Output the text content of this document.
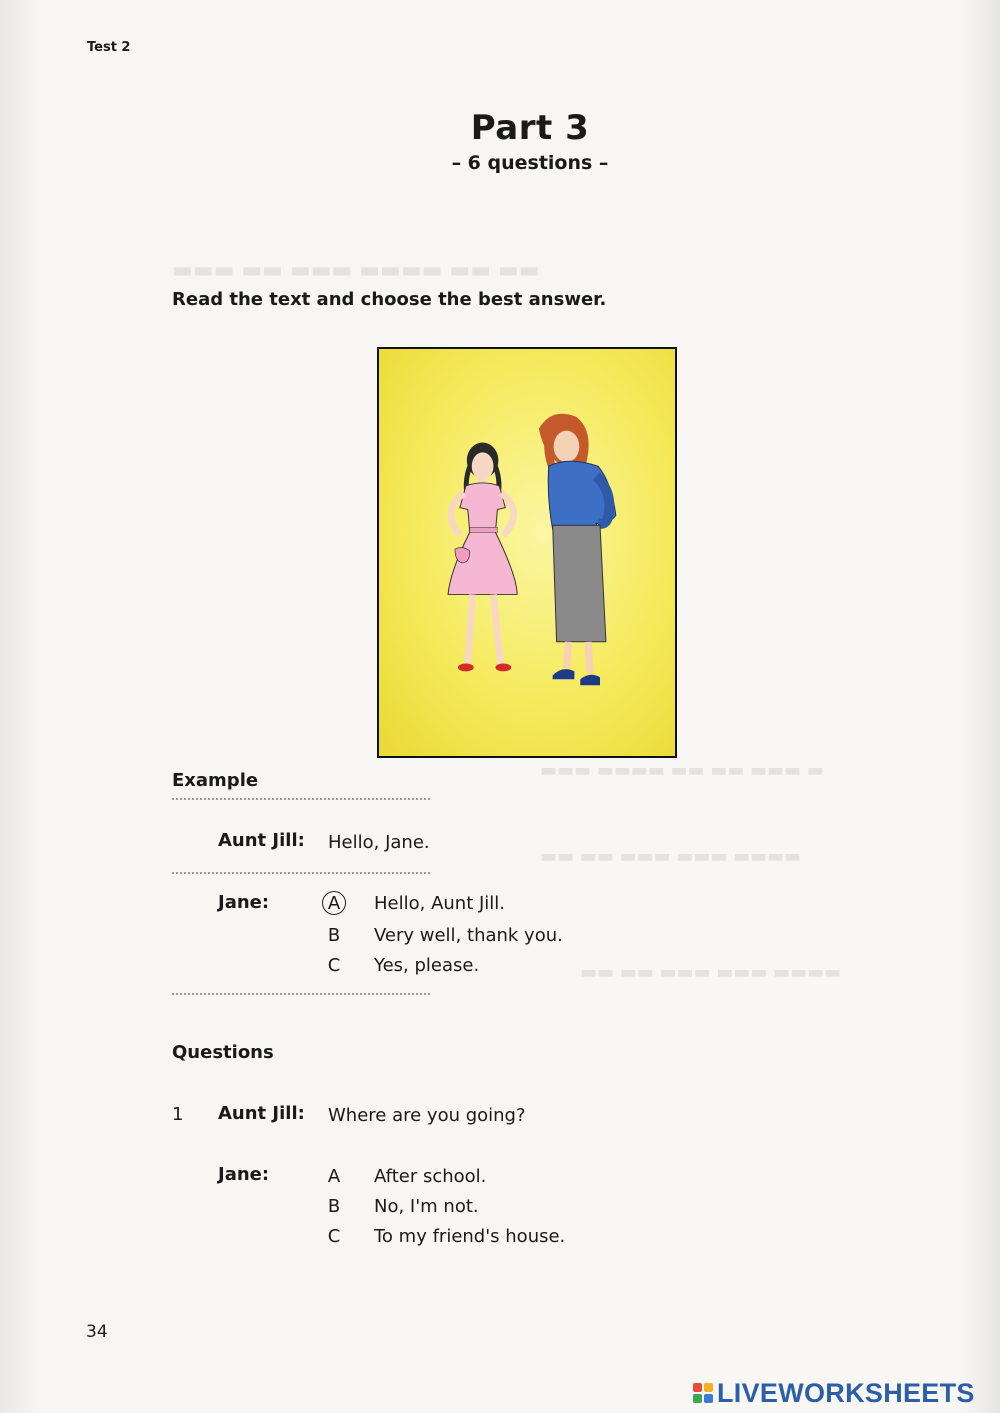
▬▬▬ ▬▬ ▬▬▬ ▬▬▬▬ ▬▬ ▬▬
▬▬▬ ▬▬▬▬ ▬▬ ▬▬ ▬▬▬ ▬
▬▬ ▬▬ ▬▬▬ ▬▬▬ ▬▬▬▬
▬▬ ▬▬ ▬▬▬ ▬▬▬ ▬▬▬▬
Test 2
Part 3
– 6 questions –
Read the text and choose the best answer.
Example
Aunt Jill: Hello, Jane.
Jane:	A	Hello, Aunt Jill.
B	Very well, thank you.
C	Yes, please.
Questions
1 Aunt Jill: Where are you going?
Jane:	A	After school.
B	No, I'm not.
C	To my friend's house.
34
LIVEWORKSHEETS
